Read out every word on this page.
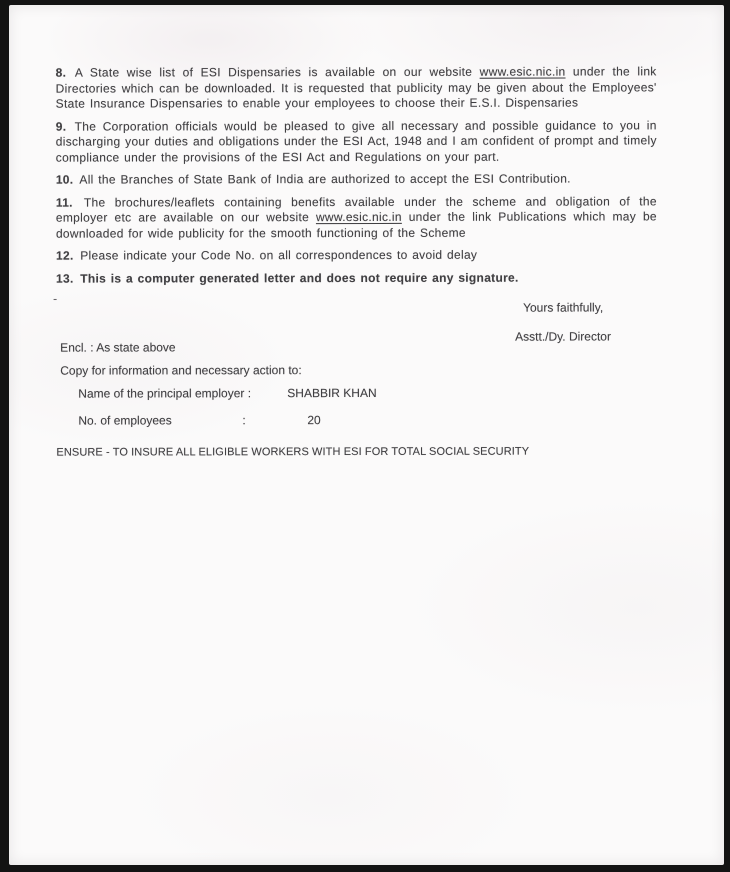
8. A State wise list of ESI Dispensaries is available on our website www.esic.nic.in under the link Directories which can be downloaded. It is requested that publicity may be given about the Employees' State Insurance Dispensaries to enable your employees to choose their E.S.I. Dispensaries

9. The Corporation officials would be pleased to give all necessary and possible guidance to you in discharging your duties and obligations under the ESI Act, 1948 and I am confident of prompt and timely compliance under the provisions of the ESI Act and Regulations on your part.

10. All the Branches of State Bank of India are authorized to accept the ESI Contribution.

11. The brochures/leaflets containing benefits available under the scheme and obligation of the employer etc are available on our website www.esic.nic.in under the link Publications which may be downloaded for wide publicity for the smooth functioning of the Scheme

12. Please indicate your Code No. on all correspondences to avoid delay

13. This is a computer generated letter and does not require any signature.

-
Yours faithfully,
Asstt./Dy. Director
Encl. : As state above
Copy for information and necessary action to:
Name of the principal employer :	SHABBIR KHAN
No. of employees	:	20
ENSURE - TO INSURE ALL ELIGIBLE WORKERS WITH ESI FOR TOTAL SOCIAL SECURITY
